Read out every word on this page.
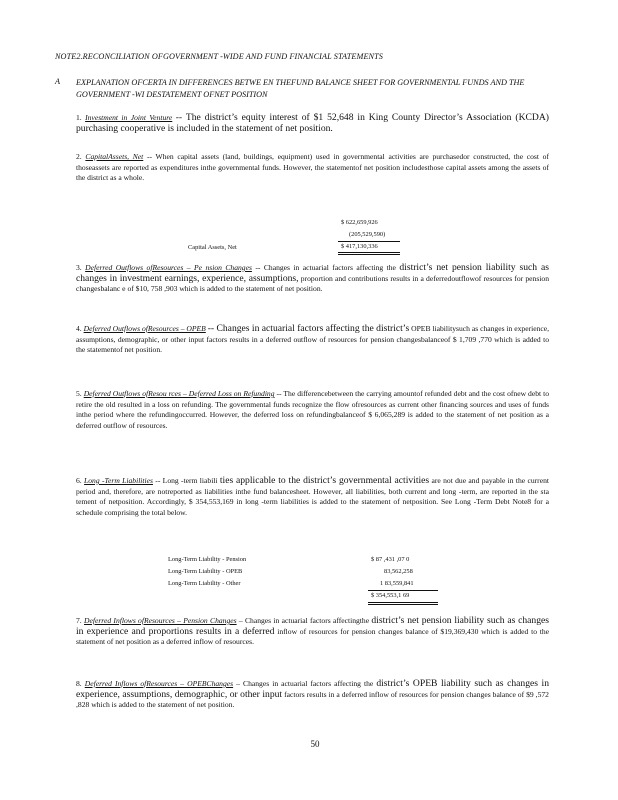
NOTE2.RECONCILIATION OFGOVERNMENT -WIDE AND FUND FINANCIAL STATEMENTS
A EXPLANATION OFCERTA IN DIFFERENCES BETWE EN THEFUND BALANCE SHEET FOR GOVERNMENTAL FUNDS AND THE GOVERNMENT -WI DESTATEMENT OFNET POSITION
1. Investment in Joint Venture -- The district’s equity interest of $1 52,648 in King County Director’s Association (KCDA) purchasing cooperative is included in the statement of net position.
2. CapitalAssets, Net -- When capital assets (land, buildings, equipment) used in governmental activities are purchasedor constructed, the cost of thoseassets are reported as expenditures inthe governmental funds. However, the statementof net position includesthose capital assets among the assets of the district as a whole.
$ 622,659,926
(205,529,590)
Capital Assets, Net	$ 417,130,336
3. Deferred Outflows ofResources – Pe nsion Changes -- Changes in actuarial factors affecting the district’s net pension liability such as changes in investment earnings, experience, assumptions, proportion and contributions results in a deferredoutflowof resources for pension changesbalanc e of $10, 758 ,903 which is added to the statement of net position.
4. Deferred Outflows ofResources – OPEB -- Changes in actuarial factors affecting the district’s OPEB liabilitysuch as changes in experience, assumptions, demographic, or other input factors results in a deferred outflow of resources for pension changesbalanceof $ 1,709 ,770 which is added to the statementof net position.
5. Deferred Outflows ofResou rces – Deferred Loss on Refunding -- The differencebetween the carrying amountof refunded debt and the cost ofnew debt to retire the old resulted in a loss on refunding. The governmental funds recognize the flow ofresources as current other financing sources and uses of funds inthe period where the refundingoccurred. However, the deferred loss on refundingbalanceof $ 6,065,289 is added to the statement of net position as a deferred outflow of resources.
6. Long -Term Liabilities -- Long -term liabili ties applicable to the district’s governmental activities are not due and payable in the current period and, therefore, are notreported as liabilities inthe fund balancesheet. However, all liabilities, both current and long -term, are reported in the sta tement of netposition. Accordingly, $ 354,553,169 in long -term liabilities is added to the statement of netposition. See Long -Term Debt Note8 for a schedule comprising the total below.
Long-Term Liability - Pension	$ 87 ,431 ,07 0
Long-Term Liability - OPEB	83,562,258
Long-Term Liability - Other	1 83,559,841
$ 354,553,1 69
7. Deferred Inflows ofResources – Pension Changes – Changes in actuarial factors affectingthe district’s net pension liability such as changes in experience and proportions results in a deferred inflow of resources for pension changes balance of $19,369,430 which is added to the statement of net position as a deferred inflow of resources.
8. Deferred Inflows ofResources – OPEBChanges – Changes in actuarial factors affecting the district’s OPEB liability such as changes in experience, assumptions, demographic, or other input factors results in a deferred inflow of resources for pension changes balance of $9 ,572 ,828 which is added to the statement of net position.
50
